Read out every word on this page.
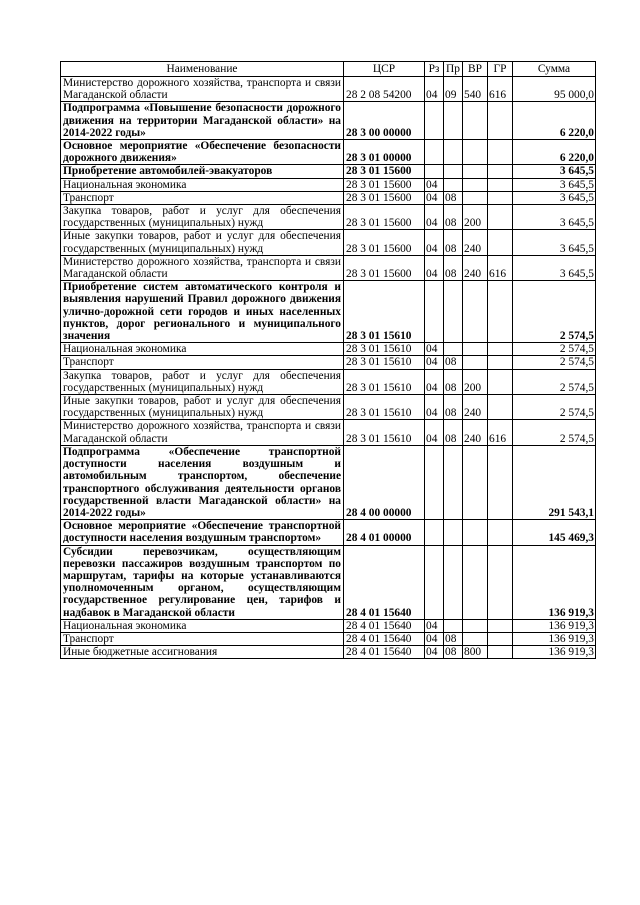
Наименование	ЦСР	Рз	Пр	ВР	ГР	Сумма
Министерство дорожного хозяйства, транспорта и связи Магаданской области	28 2 08 54200	04	09	540	616	95 000,0
Подпрограмма «Повышение безопасности дорожного движения на территории Магаданской области» на 2014-2022 годы»	28 3 00 00000					6 220,0
Основное мероприятие «Обеспечение безопасности дорожного движения»	28 3 01 00000					6 220,0
Приобретение автомобилей-эвакуаторов	28 3 01 15600					3 645,5
Национальная экономика	28 3 01 15600	04				3 645,5
Транспорт	28 3 01 15600	04	08			3 645,5
Закупка товаров, работ и услуг для обеспечения государственных (муниципальных) нужд	28 3 01 15600	04	08	200		3 645,5
Иные закупки товаров, работ и услуг для обеспечения государственных (муниципальных) нужд	28 3 01 15600	04	08	240		3 645,5
Министерство дорожного хозяйства, транспорта и связи Магаданской области	28 3 01 15600	04	08	240	616	3 645,5
Приобретение систем автоматического контроля и выявления нарушений Правил дорожного движения улично-дорожной сети городов и иных населенных пунктов, дорог регионального и муниципального значения	28 3 01 15610					2 574,5
Национальная экономика	28 3 01 15610	04				2 574,5
Транспорт	28 3 01 15610	04	08			2 574,5
Закупка товаров, работ и услуг для обеспечения государственных (муниципальных) нужд	28 3 01 15610	04	08	200		2 574,5
Иные закупки товаров, работ и услуг для обеспечения государственных (муниципальных) нужд	28 3 01 15610	04	08	240		2 574,5
Министерство дорожного хозяйства, транспорта и связи Магаданской области	28 3 01 15610	04	08	240	616	2 574,5
Подпрограмма «Обеспечение транспортной доступности населения воздушным и автомобильным транспортом, обеспечение транспортного обслуживания деятельности органов государственной власти Магаданской области» на 2014-2022 годы»	28 4 00 00000					291 543,1
Основное мероприятие «Обеспечение транспортной доступности населения воздушным транспортом»	28 4 01 00000					145 469,3
Субсидии перевозчикам, осуществляющим перевозки пассажиров воздушным транспортом по маршрутам, тарифы на которые устанавливаются уполномоченным органом, осуществляющим государственное регулирование цен, тарифов и надбавок в Магаданской области	28 4 01 15640					136 919,3
Национальная экономика	28 4 01 15640	04				136 919,3
Транспорт	28 4 01 15640	04	08			136 919,3
Иные бюджетные ассигнования	28 4 01 15640	04	08	800		136 919,3
